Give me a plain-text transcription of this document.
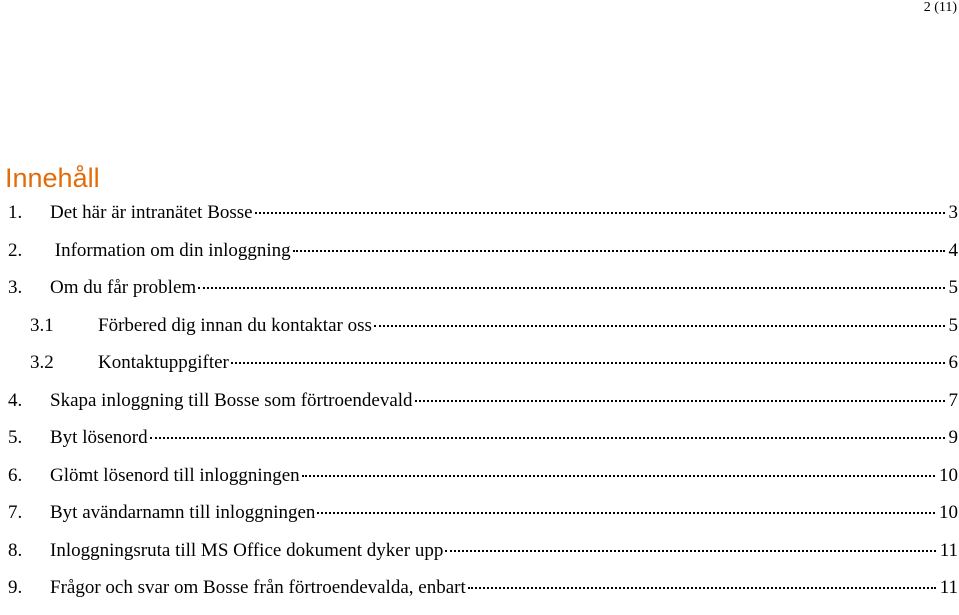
2 (11)
Innehåll
1.	Det här är intranätet Bosse	3
2.	Information om din inloggning	4
3.	Om du får problem	5
3.1	Förbered dig innan du kontaktar oss	5
3.2	Kontaktuppgifter	6
4.	Skapa inloggning till Bosse som förtroendevald	7
5.	Byt lösenord	9
6.	Glömt lösenord till inloggningen	10
7.	Byt avändarnamn till inloggningen	10
8.	Inloggningsruta till MS Office dokument dyker upp	11
9.	Frågor och svar om Bosse från förtroendevalda, enbart	11
